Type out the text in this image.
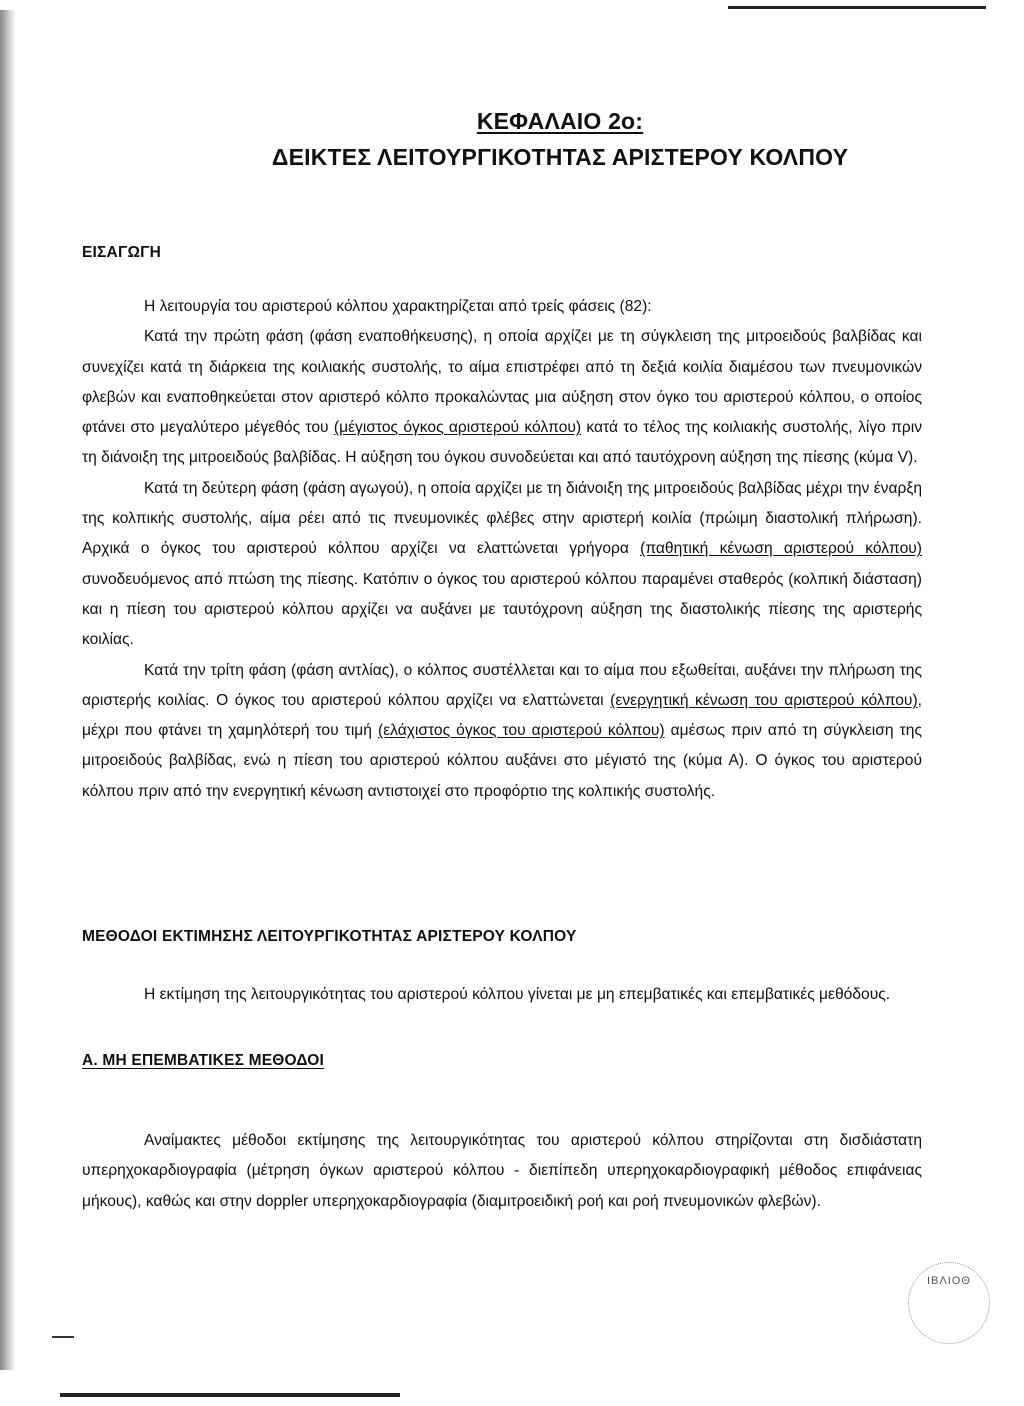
ΚΕΦΑΛΑΙΟ 2ο:
ΔΕΙΚΤΕΣ ΛΕΙΤΟΥΡΓΙΚΟΤΗΤΑΣ ΑΡΙΣΤΕΡΟΥ ΚΟΛΠΟΥ
ΕΙΣΑΓΩΓΗ

Η λειτουργία του αριστερού κόλπου χαρακτηρίζεται από τρείς φάσεις (82):

Κατά την πρώτη φάση (φάση εναποθήκευσης), η οποία αρχίζει με τη σύγκλειση της μιτροειδούς βαλβίδας και συνεχίζει κατά τη διάρκεια της κοιλιακής συστολής, το αίμα επιστρέφει από τη δεξιά κοιλία διαμέσου των πνευμονικών φλεβών και εναποθηκεύεται στον αριστερό κόλπο προκαλώντας μια αύξηση στον όγκο του αριστερού κόλπου, ο οποίος φτάνει στο μεγαλύτερο μέγεθός του (μέγιστος όγκος αριστερού κόλπου) κατά το τέλος της κοιλιακής συστολής, λίγο πριν τη διάνοιξη της μιτροειδούς βαλβίδας. Η αύξηση του όγκου συνοδεύεται και από ταυτόχρονη αύξηση της πίεσης (κύμα V).

Κατά τη δεύτερη φάση (φάση αγωγού), η οποία αρχίζει με τη διάνοιξη της μιτροειδούς βαλβίδας μέχρι την έναρξη της κολπικής συστολής, αίμα ρέει από τις πνευμονικές φλέβες στην αριστερή κοιλία (πρώιμη διαστολική πλήρωση). Αρχικά ο όγκος του αριστερού κόλπου αρχίζει να ελαττώνεται γρήγορα (παθητική κένωση αριστερού κόλπου) συνοδευόμενος από πτώση της πίεσης. Κατόπιν ο όγκος του αριστερού κόλπου παραμένει σταθερός (κολπική διάσταση) και η πίεση του αριστερού κόλπου αρχίζει να αυξάνει με ταυτόχρονη αύξηση της διαστολικής πίεσης της αριστερής κοιλίας.

Κατά την τρίτη φάση (φάση αντλίας), ο κόλπος συστέλλεται και το αίμα που εξωθείται, αυξάνει την πλήρωση της αριστερής κοιλίας. Ο όγκος του αριστερού κόλπου αρχίζει να ελαττώνεται (ενεργητική κένωση του αριστερού κόλπου), μέχρι που φτάνει τη χαμηλότερή του τιμή (ελάχιστος όγκος του αριστερού κόλπου) αμέσως πριν από τη σύγκλειση της μιτροειδούς βαλβίδας, ενώ η πίεση του αριστερού κόλπου αυξάνει στο μέγιστό της (κύμα Α). Ο όγκος του αριστερού κόλπου πριν από την ενεργητική κένωση αντιστοιχεί στο προφόρτιο της κολπικής συστολής.

ΜΕΘΟΔΟΙ ΕΚΤΙΜΗΣΗΣ ΛΕΙΤΟΥΡΓΙΚΟΤΗΤΑΣ ΑΡΙΣΤΕΡΟΥ ΚΟΛΠΟΥ

Η εκτίμηση της λειτουργικότητας του αριστερού κόλπου γίνεται με μη επεμβατικές και επεμβατικές μεθόδους.

Α. ΜΗ ΕΠΕΜΒΑΤΙΚΕΣ ΜΕΘΟΔΟΙ

Αναίμακτες μέθοδοι εκτίμησης της λειτουργικότητας του αριστερού κόλπου στηρίζονται στη δισδιάστατη υπερηχοκαρδιογραφία (μέτρηση όγκων αριστερού κόλπου - διεπίπεδη υπερηχοκαρδιογραφική μέθοδος επιφάνειας μήκους), καθώς και στην doppler υπερηχοκαρδιογραφία (διαμιτροειδική ροή και ροή πνευμονικών φλεβών).

ΙΒΛΙΟΘ
